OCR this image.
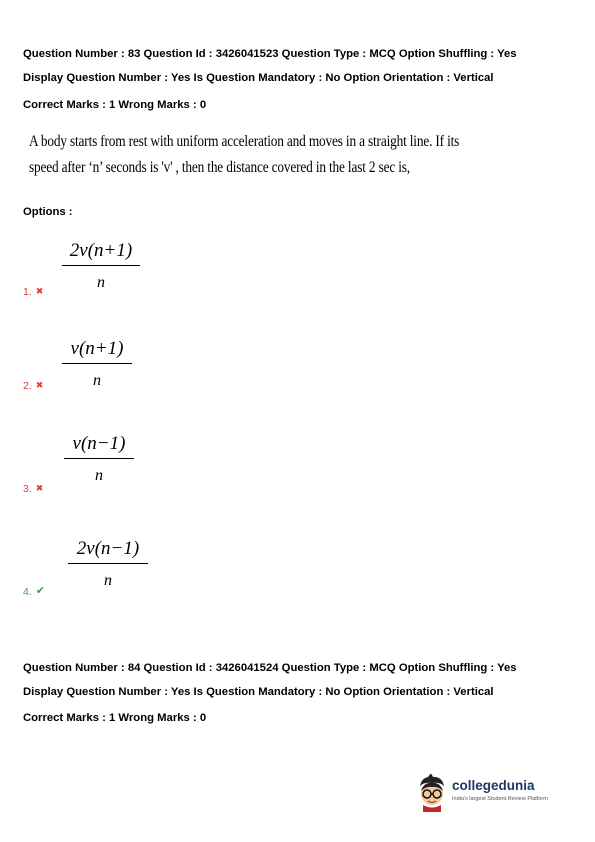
Question Number : 83 Question Id : 3426041523 Question Type : MCQ Option Shuffling : Yes
Display Question Number : Yes Is Question Mandatory : No Option Orientation : Vertical
Correct Marks : 1 Wrong Marks : 0
A body starts from rest with uniform acceleration and moves in a straight line. If its
speed after ‘n’ seconds is 'v' , then the distance covered in the last 2 sec is,
Options :
2v(n+1)
n
1. ✖
v(n+1)
n
2. ✖
v(n−1)
n
3. ✖
2v(n−1)
n
4. ✔
Question Number : 84 Question Id : 3426041524 Question Type : MCQ Option Shuffling : Yes
Display Question Number : Yes Is Question Mandatory : No Option Orientation : Vertical
Correct Marks : 1 Wrong Marks : 0
collegedunia
India's largest Student Review Platform
